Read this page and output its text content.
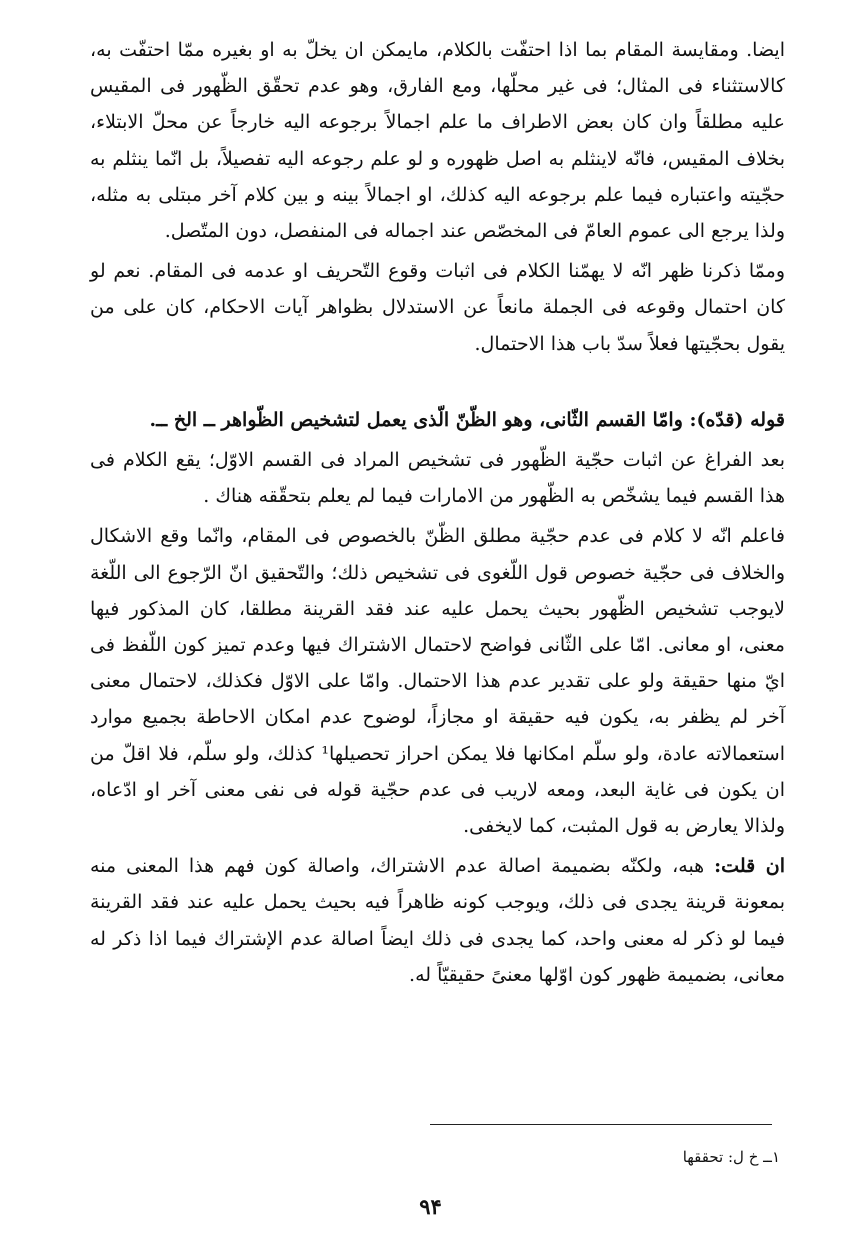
ايضا. ومقايسة المقام بما اذا احتفّت بالكلام، مايمكن ان يخلّ به او بغيره ممّا احتفّت به، كالاستثناء فى المثال؛ فى غير محلّها، ومع الفارق، وهو عدم تحقّق الظّهور فى المقيس عليه مطلقاً وان كان بعض الاطراف ما علم اجمالاً برجوعه اليه خارجاً عن محلّ الابتلاء، بخلاف المقيس، فانّه لاينثلم به اصل ظهوره و لو علم رجوعه اليه تفصيلاً، بل انّما ينثلم به حجّيته واعتباره فيما علم برجوعه اليه كذلك، او اجمالاً بينه و بين كلام آخر مبتلى به مثله، ولذا يرجع الى عموم العامّ فى المخصّص عند اجماله فى المنفصل، دون المتّصل.

وممّا ذكرنا ظهر انّه لا يهمّنا الكلام فى اثبات وقوع التّحريف او عدمه فى المقام. نعم لو كان احتمال وقوعه فى الجملة مانعاً عن الاستدلال بظواهر آيات الاحكام، كان على من يقول بحجّيتها فعلاً سدّ باب هذا الاحتمال.

قوله (قدّه): وامّا القسم الثّانى، وهو الظّنّ الّذى يعمل لتشخيص الظّواهر ــ الخ ــ.

بعد الفراغ عن اثبات حجّية الظّهور فى تشخيص المراد فى القسم الاوّل؛ يقع الكلام فى هذا القسم فيما يشخّص به الظّهور من الامارات فيما لم يعلم بتحقّقه هناك .

فاعلم انّه لا كلام فى عدم حجّية مطلق الظّنّ بالخصوص فى المقام، وانّما وقع الاشكال والخلاف فى حجّية خصوص قول اللّغوى فى تشخيص ذلك؛ والتّحقيق انّ الرّجوع الى اللّغة لايوجب تشخيص الظّهور بحيث يحمل عليه عند فقد القرينة مطلقا، كان المذكور فيها معنى، او معانى. امّا على الثّانى فواضح لاحتمال الاشتراك فيها وعدم تميز كون اللّفظ فى ايّ منها حقيقة ولو على تقدير عدم هذا الاحتمال. وامّا على الاوّل فكذلك، لاحتمال معنى آخر لم يظفر به، يكون فيه حقيقة او مجازاً، لوضوح عدم امكان الاحاطة بجميع موارد استعمالاته عادة، ولو سلّم امكانها فلا يمكن احراز تحصيلها¹ كذلك، ولو سلّم، فلا اقلّ من ان يكون فى غاية البعد، ومعه لاريب فى عدم حجّية قوله فى نفى معنى آخر او ادّعاه، ولذالا يعارض به قول المثبت، كما لايخفى.

ان قلت: هبه، ولكنّه بضميمة اصالة عدم الاشتراك، واصالة كون فهم هذا المعنى منه بمعونة قرينة يجدى فى ذلك، ويوجب كونه ظاهراً فيه بحيث يحمل عليه عند فقد القرينة فيما لو ذكر له معنى واحد، كما يجدى فى ذلك ايضاً اصالة عدم الإشتراك فيما اذا ذكر له معانى، بضميمة ظهور كون اوّلها معنىً حقيقيّاً له.

١ــ خ ل: تحققها
٩۴
